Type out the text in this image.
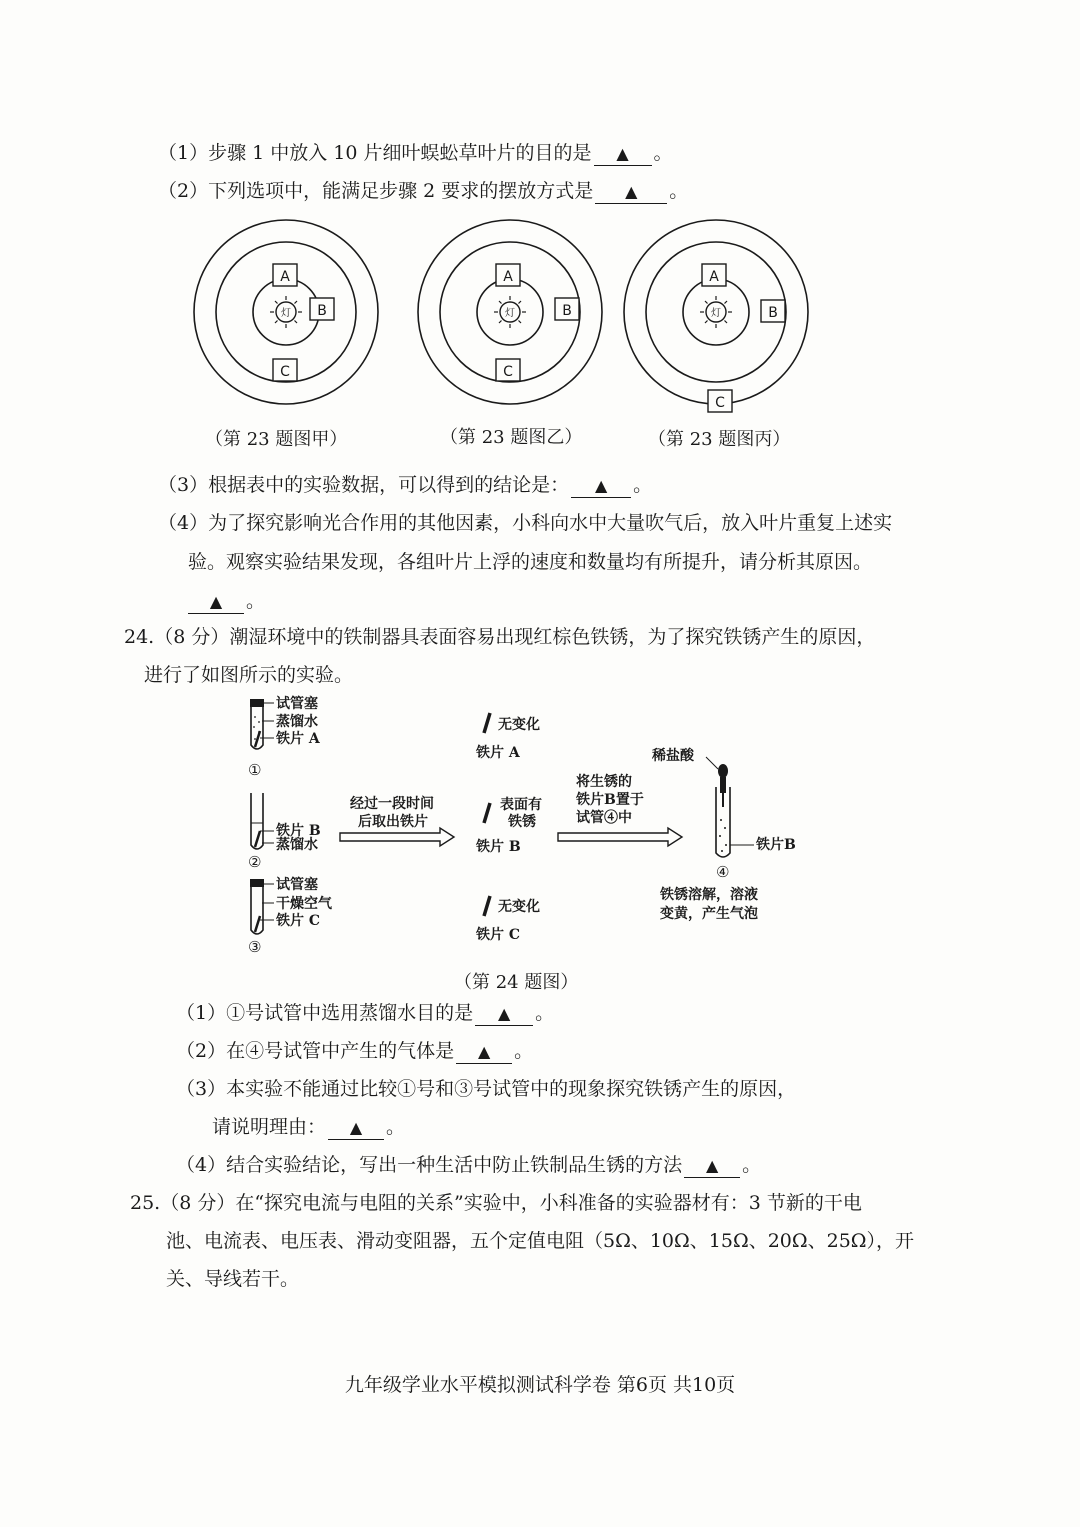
（1）步骤 1 中放入 10 片细叶蜈蚣草叶片的目的是 ▲ 。
（2）下列选项中，能满足步骤 2 要求的摆放方式是 ▲ 。
灯
A
B
C
灯
A
B
C
灯
A
B
C
（第 23 题图甲）	（第 23 题图乙）	（第 23 题图丙）
（3）根据表中的实验数据，可以得到的结论是： ▲ 。
（4）为了探究影响光合作用的其他因素，小科向水中大量吹气后，放入叶片重复上述实
验。观察实验结果发现，各组叶片上浮的速度和数量均有所提升，请分析其原因。
▲ 。
24.（8 分）潮湿环境中的铁制器具表面容易出现红棕色铁锈，为了探究铁锈产生的原因，
进行了如图所示的实验。
试管塞
蒸馏水
铁片 A
①
铁片 B
蒸馏水
②
试管塞
干燥空气
铁片 C
③
经过一段时间
后取出铁片
无变化
铁片 A
表面有
铁锈
铁片 B
无变化
铁片 C
将生锈的
铁片B置于
试管④中
稀盐酸
铁片B
④
铁锈溶解，溶液
变黄，产生气泡
（第 24 题图）
（1）①号试管中选用蒸馏水目的是 ▲ 。
（2）在④号试管中产生的气体是 ▲ 。
（3）本实验不能通过比较①号和③号试管中的现象探究铁锈产生的原因，
请说明理由： ▲ 。
（4）结合实验结论，写出一种生活中防止铁制品生锈的方法 ▲ 。
25.（8 分）在“探究电流与电阻的关系”实验中，小科准备的实验器材有：3 节新的干电
池、电流表、电压表、滑动变阻器，五个定值电阻（5Ω、10Ω、15Ω、20Ω、25Ω），开
关、导线若干。
九年级学业水平模拟测试科学卷 第6页 共10页
